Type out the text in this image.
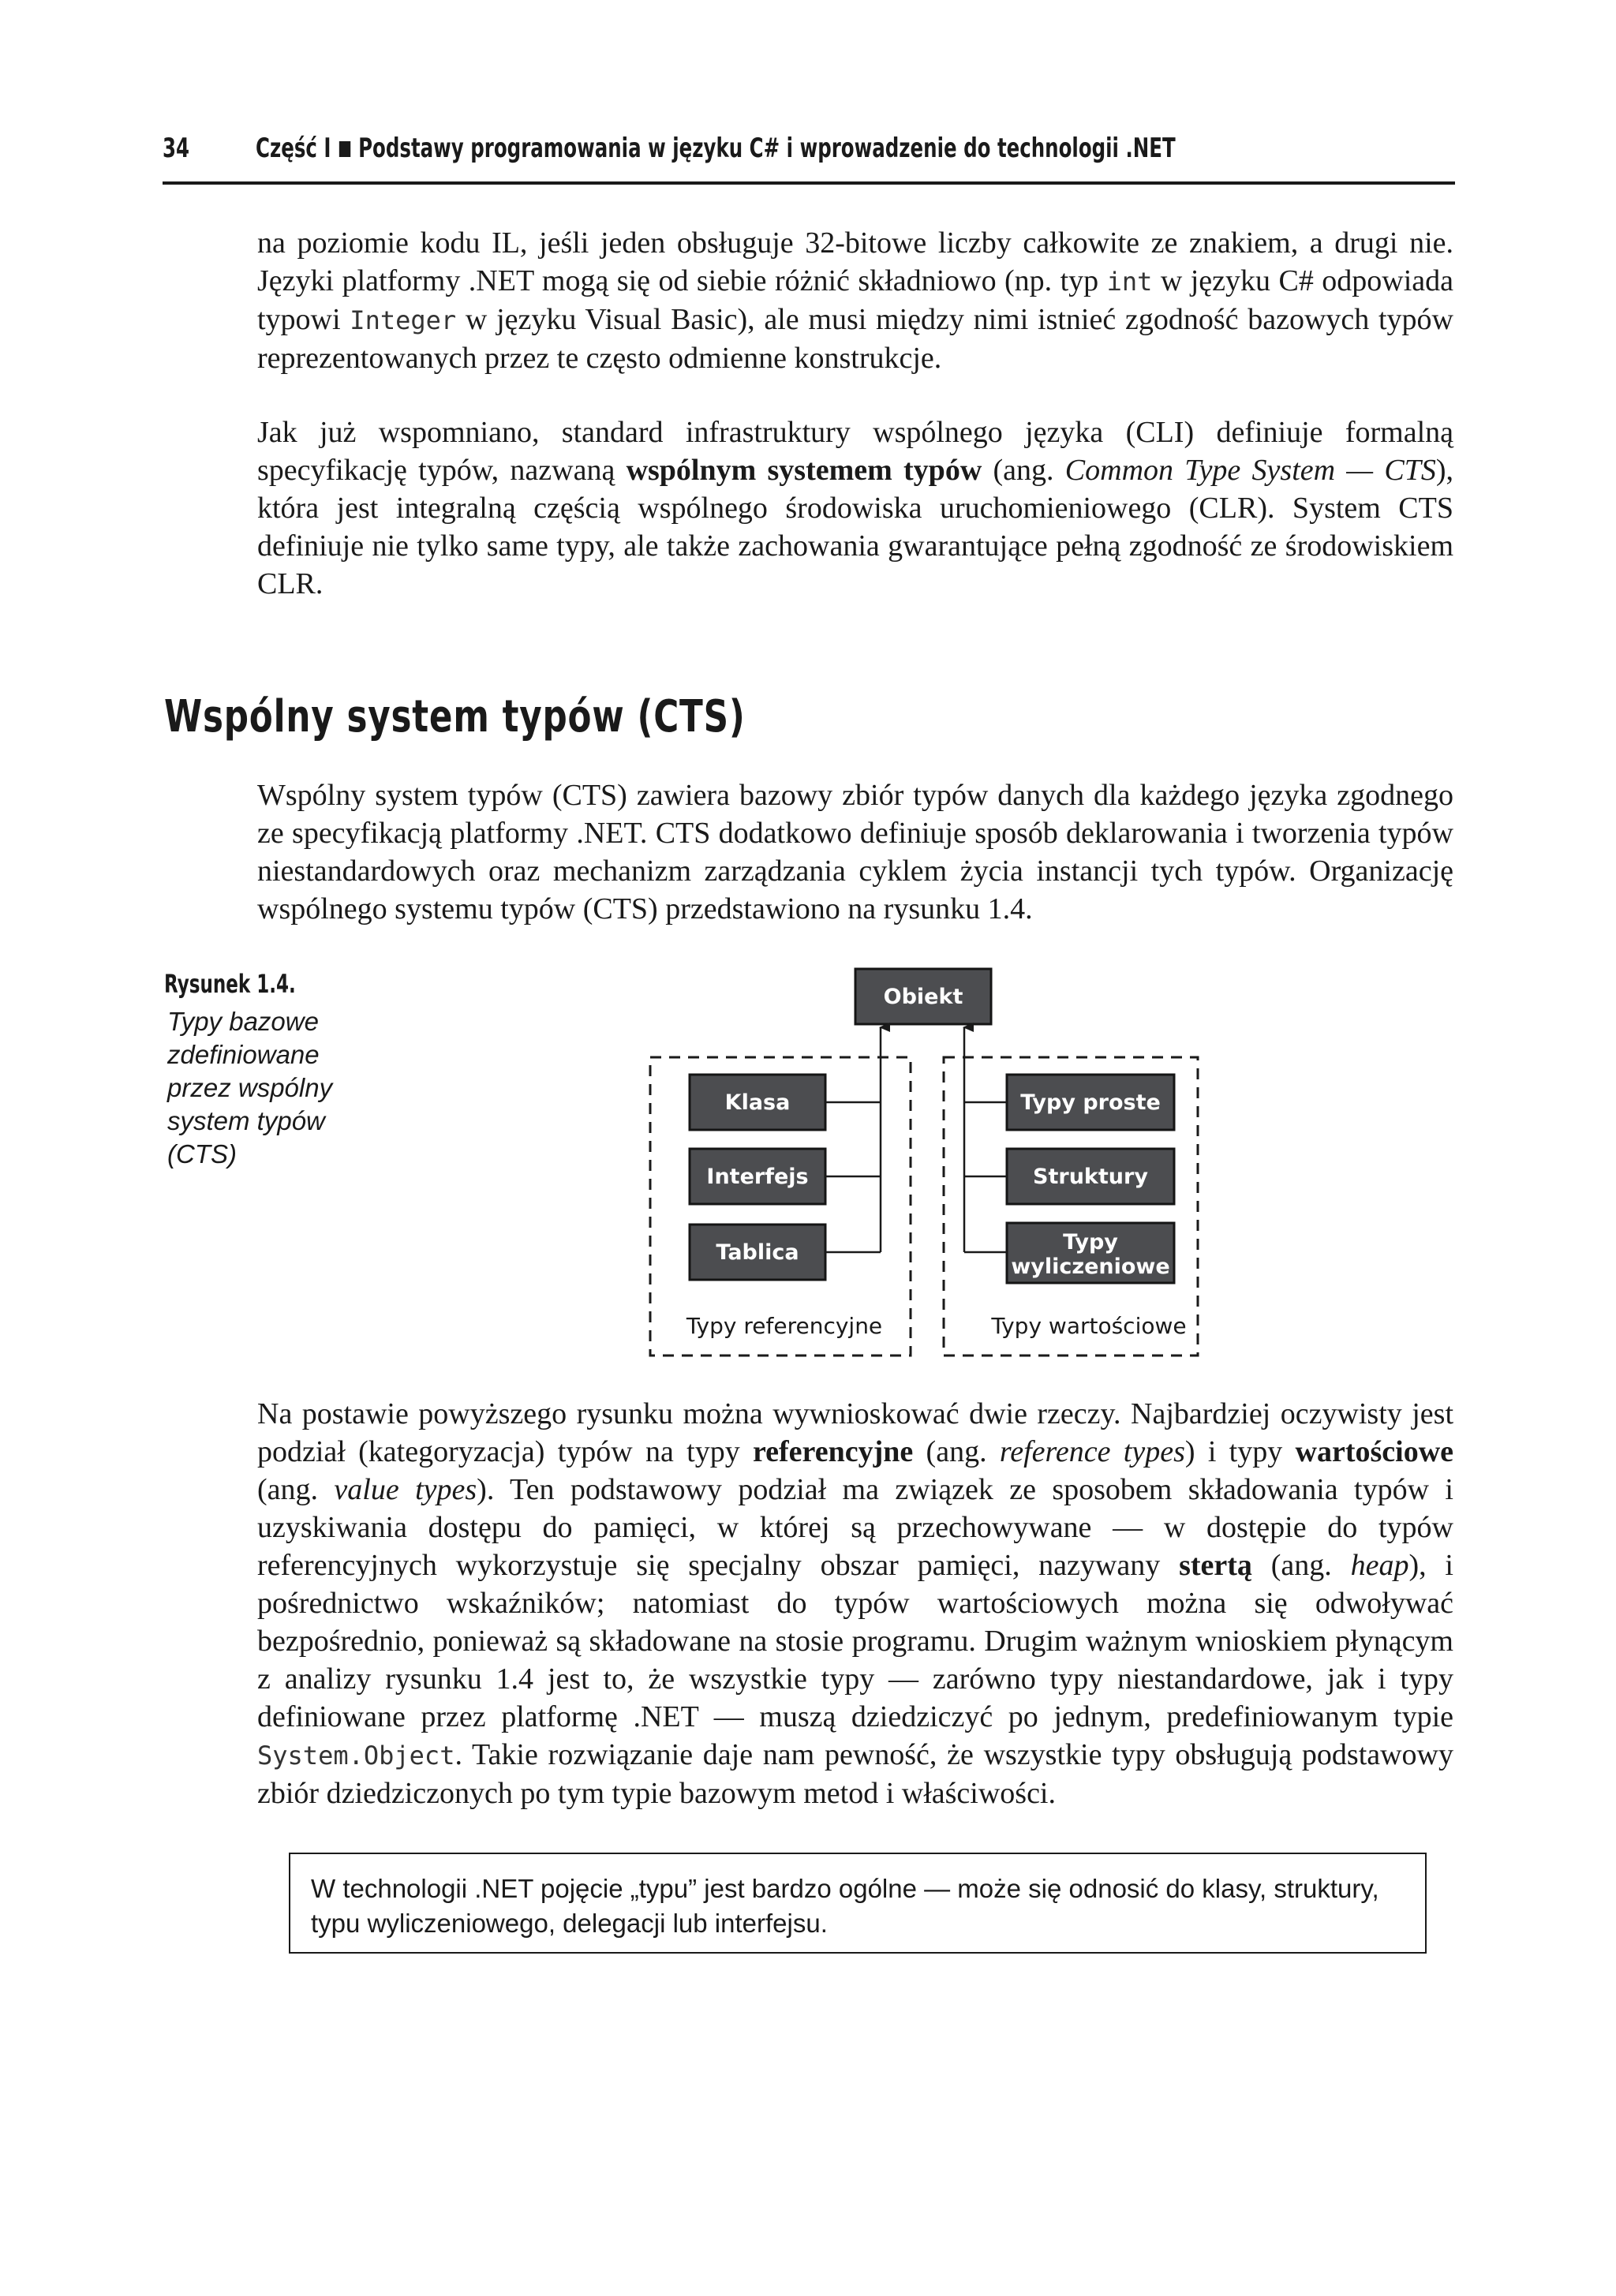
34 Część I Podstawy programowania w języku C# i wprowadzenie do technologii .NET

na poziomie kodu IL, jeśli jeden obsługuje 32-bitowe liczby całkowite ze znakiem, a drugi nie. Języki platformy .NET mogą się od siebie różnić składniowo (np. typ int w języku C# odpowiada typowi Integer w języku Visual Basic), ale musi między nimi istnieć zgodność bazowych typów reprezentowanych przez te często odmienne konstrukcje.

Jak już wspomniano, standard infrastruktury wspólnego języka (CLI) definiuje formalną specyfikację typów, nazwaną wspólnym systemem typów (ang. Common Type System — CTS), która jest integralną częścią wspólnego środowiska uruchomieniowego (CLR). System CTS definiuje nie tylko same typy, ale także zachowania gwarantujące pełną zgodność ze środowiskiem CLR.

Wspólny system typów (CTS)

Wspólny system typów (CTS) zawiera bazowy zbiór typów danych dla każdego języka zgodnego ze specyfikacją platformy .NET. CTS dodatkowo definiuje sposób deklarowania i tworzenia typów niestandardowych oraz mechanizm zarządzania cyklem życia instancji tych typów. Organizację wspólnego systemu typów (CTS) przedstawiono na rysunku 1.4.

Rysunek 1.4.

Typy bazowe zdefiniowane przez wspólny system typów (CTS)

Obiekt
Klasa
Interfejs
Tablica
Typy proste
Struktury
Typy
wyliczeniowe
Typy referencyjne	Typy wartościowe

Na postawie powyższego rysunku można wywnioskować dwie rzeczy. Najbardziej oczywisty jest podział (kategoryzacja) typów na typy referencyjne (ang. reference types) i typy wartościowe (ang. value types). Ten podstawowy podział ma związek ze sposobem składowania typów i uzyskiwania dostępu do pamięci, w której są przechowywane — w dostępie do typów referencyjnych wykorzystuje się specjalny obszar pamięci, nazywany stertą (ang. heap), i pośrednictwo wskaźników; natomiast do typów wartościowych można się odwoływać bezpośrednio, ponieważ są składowane na stosie programu. Drugim ważnym wnioskiem płynącym z analizy rysunku 1.4 jest to, że wszystkie typy — zarówno typy niestandardowe, jak i typy definiowane przez platformę .NET — muszą dziedziczyć po jednym, predefiniowanym typie System.Object. Takie rozwiązanie daje nam pewność, że wszystkie typy obsługują podstawowy zbiór dziedziczonych po tym typie bazowym metod i właściwości.

W technologii .NET pojęcie „typu” jest bardzo ogólne — może się odnosić do klasy, struktury, typu wyliczeniowego, delegacji lub interfejsu.
